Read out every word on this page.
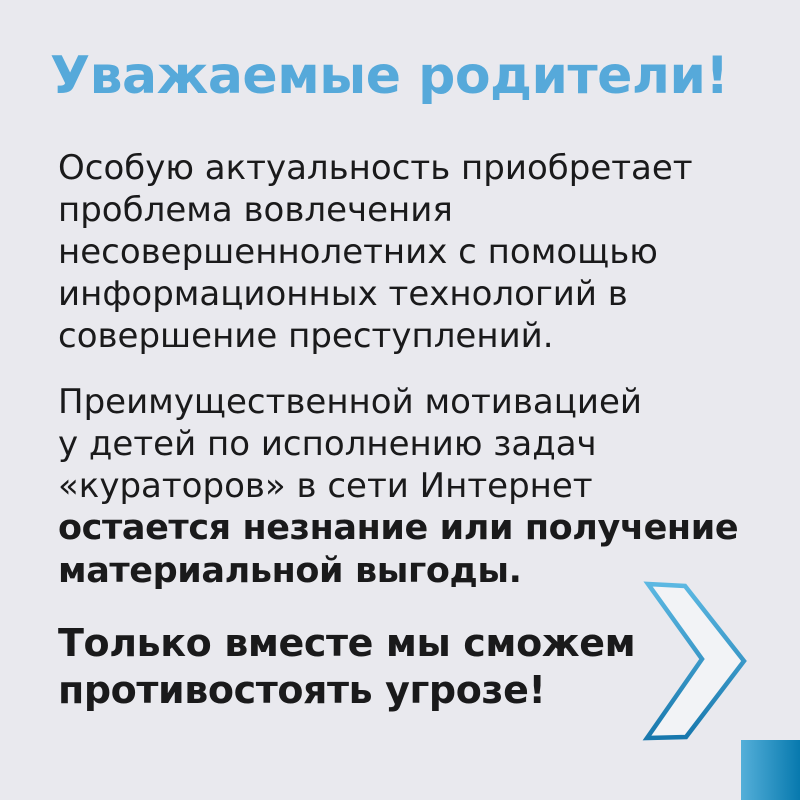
Уважаемые родители!
Особую актуальность приобретает
проблема вовлечения
несовершеннолетних с помощью
информационных технологий в
совершение преступлений.
Преимущественной мотивацией
у детей по исполнению задач
«кураторов» в сети Интернет
остается незнание или получение
материальной выгоды.
Только вместе мы сможем
противостоять угрозе!
